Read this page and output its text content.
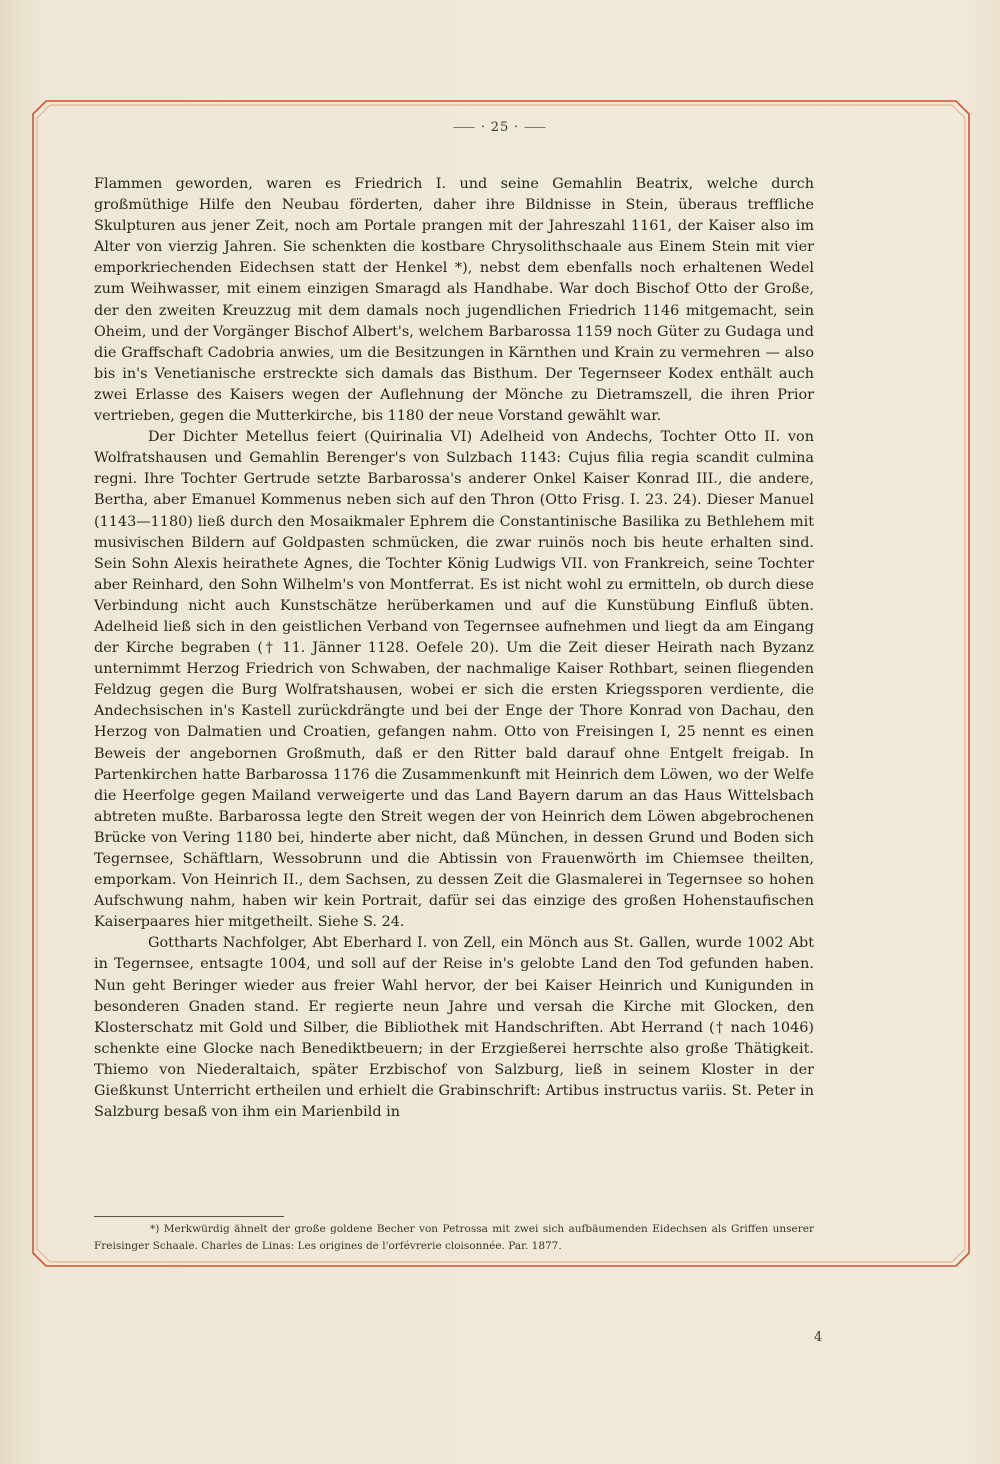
⸺ ⸱ 25 ⸱ ⸺

Flammen geworden, waren es Friedrich I. und seine Gemahlin Beatrix, welche durch großmüthige Hilfe den Neubau förderten, daher ihre Bildnisse in Stein, überaus treffliche Skulpturen aus jener Zeit, noch am Portale prangen mit der Jahreszahl 1161, der Kaiser also im Alter von vierzig Jahren. Sie schenkten die kostbare Chrysolithschaale aus Einem Stein mit vier emporkriechenden Eidechsen statt der Henkel *), nebst dem ebenfalls noch erhaltenen Wedel zum Weihwasser, mit einem einzigen Smaragd als Handhabe. War doch Bischof Otto der Große, der den zweiten Kreuzzug mit dem damals noch jugendlichen Friedrich 1146 mitgemacht, sein Oheim, und der Vorgänger Bischof Albert's, welchem Barbarossa 1159 noch Güter zu Gudaga und die Graffschaft Cadobria anwies, um die Besitzungen in Kärnthen und Krain zu vermehren — also bis in's Venetianische erstreckte sich damals das Bisthum. Der Tegernseer Kodex enthält auch zwei Erlasse des Kaisers wegen der Auflehnung der Mönche zu Dietramszell, die ihren Prior vertrieben, gegen die Mutterkirche, bis 1180 der neue Vorstand gewählt war.

Der Dichter Metellus feiert (Quirinalia VI) Adelheid von Andechs, Tochter Otto II. von Wolfratshausen und Gemahlin Berenger's von Sulzbach 1143: Cujus filia regia scandit culmina regni. Ihre Tochter Gertrude setzte Barbarossa's anderer Onkel Kaiser Konrad III., die andere, Bertha, aber Emanuel Kommenus neben sich auf den Thron (Otto Frisg. I. 23. 24). Dieser Manuel (1143—1180) ließ durch den Mosaikmaler Ephrem die Constantinische Basilika zu Bethlehem mit musivischen Bildern auf Goldpasten schmücken, die zwar ruinös noch bis heute erhalten sind. Sein Sohn Alexis heirathete Agnes, die Tochter König Ludwigs VII. von Frankreich, seine Tochter aber Reinhard, den Sohn Wilhelm's von Montferrat. Es ist nicht wohl zu ermitteln, ob durch diese Verbindung nicht auch Kunstschätze herüberkamen und auf die Kunstübung Einfluß übten. Adelheid ließ sich in den geistlichen Verband von Tegernsee aufnehmen und liegt da am Eingang der Kirche begraben († 11. Jänner 1128. Oefele 20). Um die Zeit dieser Heirath nach Byzanz unternimmt Herzog Friedrich von Schwaben, der nachmalige Kaiser Rothbart, seinen fliegenden Feldzug gegen die Burg Wolfratshausen, wobei er sich die ersten Kriegssporen verdiente, die Andechsischen in's Kastell zurückdrängte und bei der Enge der Thore Konrad von Dachau, den Herzog von Dalmatien und Croatien, gefangen nahm. Otto von Freisingen I, 25 nennt es einen Beweis der angebornen Großmuth, daß er den Ritter bald darauf ohne Entgelt freigab. In Partenkirchen hatte Barbarossa 1176 die Zusammenkunft mit Heinrich dem Löwen, wo der Welfe die Heerfolge gegen Mailand verweigerte und das Land Bayern darum an das Haus Wittelsbach abtreten mußte. Barbarossa legte den Streit wegen der von Heinrich dem Löwen abgebrochenen Brücke von Vering 1180 bei, hinderte aber nicht, daß München, in dessen Grund und Boden sich Tegernsee, Schäftlarn, Wessobrunn und die Abtissin von Frauenwörth im Chiemsee theilten, emporkam. Von Heinrich II., dem Sachsen, zu dessen Zeit die Glasmalerei in Tegernsee so hohen Aufschwung nahm, haben wir kein Portrait, dafür sei das einzige des großen Hohenstaufischen Kaiserpaares hier mitgetheilt. Siehe S. 24.

Gottharts Nachfolger, Abt Eberhard I. von Zell, ein Mönch aus St. Gallen, wurde 1002 Abt in Tegernsee, entsagte 1004, und soll auf der Reise in's gelobte Land den Tod gefunden haben. Nun geht Beringer wieder aus freier Wahl hervor, der bei Kaiser Heinrich und Kunigunden in besonderen Gnaden stand. Er regierte neun Jahre und versah die Kirche mit Glocken, den Klosterschatz mit Gold und Silber, die Bibliothek mit Handschriften. Abt Herrand († nach 1046) schenkte eine Glocke nach Benediktbeuern; in der Erzgießerei herrschte also große Thätigkeit. Thiemo von Niederaltaich, später Erzbischof von Salzburg, ließ in seinem Kloster in der Gießkunst Unterricht ertheilen und erhielt die Grabinschrift: Artibus instructus variis. St. Peter in Salzburg besaß von ihm ein Marienbild in

*) Merkwürdig ähnelt der große goldene Becher von Petrossa mit zwei sich aufbäumenden Eidechsen als Griffen unserer Freisinger Schaale. Charles de Linas: Les origines de l'orfévrerie cloisonnée. Par. 1877.
4
